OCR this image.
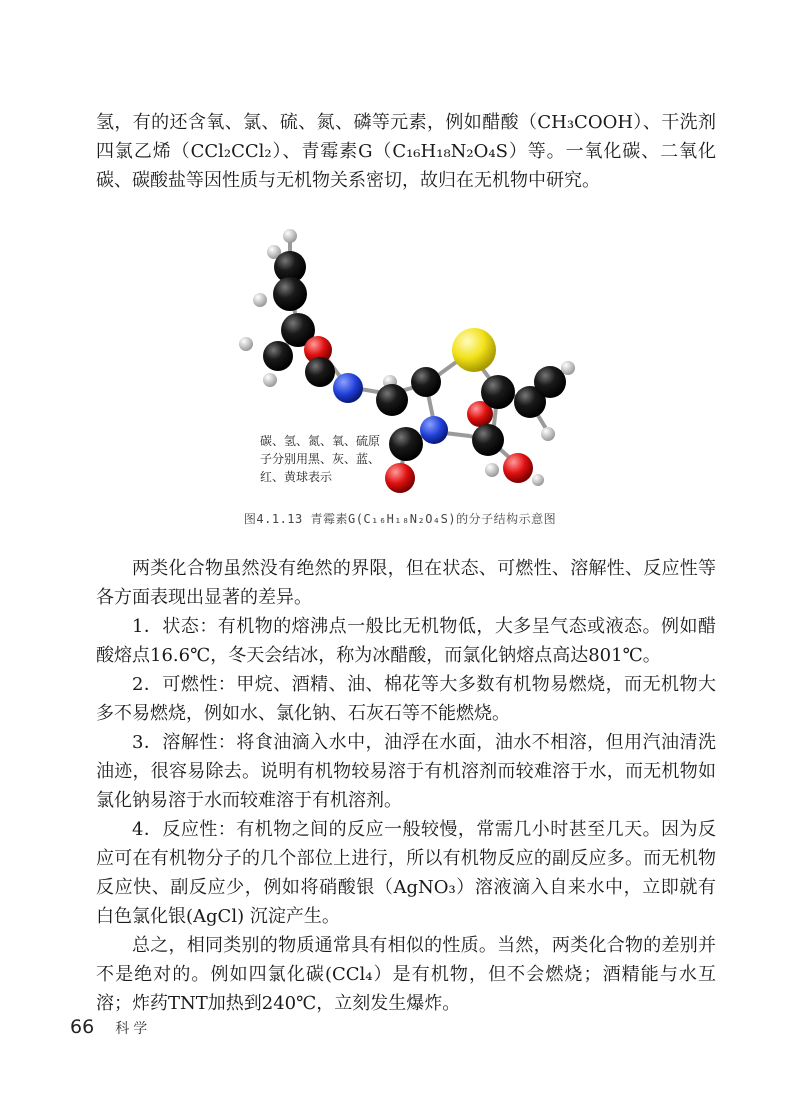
氢，有的还含氧、氯、硫、氮、磷等元素，例如醋酸（CH₃COOH）、干洗剂四氯乙烯（CCl₂CCl₂）、青霉素G（C₁₆H₁₈N₂O₄S）等。一氧化碳、二氧化碳、碳酸盐等因性质与无机物关系密切，故归在无机物中研究。

碳、氢、氮、氧、硫原子分别用黑、灰、蓝、红、黄球表示

图4.1.13 青霉素G(C₁₆H₁₈N₂O₄S)的分子结构示意图

两类化合物虽然没有绝然的界限，但在状态、可燃性、溶解性、反应性等各方面表现出显著的差异。

1．状态：有机物的熔沸点一般比无机物低，大多呈气态或液态。例如醋酸熔点16.6℃，冬天会结冰，称为冰醋酸，而氯化钠熔点高达801℃。

2．可燃性：甲烷、酒精、油、棉花等大多数有机物易燃烧，而无机物大多不易燃烧，例如水、氯化钠、石灰石等不能燃烧。

3．溶解性：将食油滴入水中，油浮在水面，油水不相溶，但用汽油清洗油迹，很容易除去。说明有机物较易溶于有机溶剂而较难溶于水，而无机物如氯化钠易溶于水而较难溶于有机溶剂。

4．反应性：有机物之间的反应一般较慢，常需几小时甚至几天。因为反应可在有机物分子的几个部位上进行，所以有机物反应的副反应多。而无机物反应快、副反应少，例如将硝酸银（AgNO₃）溶液滴入自来水中，立即就有白色氯化银(AgCl) 沉淀产生。

总之，相同类别的物质通常具有相似的性质。当然，两类化合物的差别并不是绝对的。例如四氯化碳(CCl₄）是有机物，但不会燃烧；酒精能与水互溶；炸药TNT加热到240℃，立刻发生爆炸。

66 科学
